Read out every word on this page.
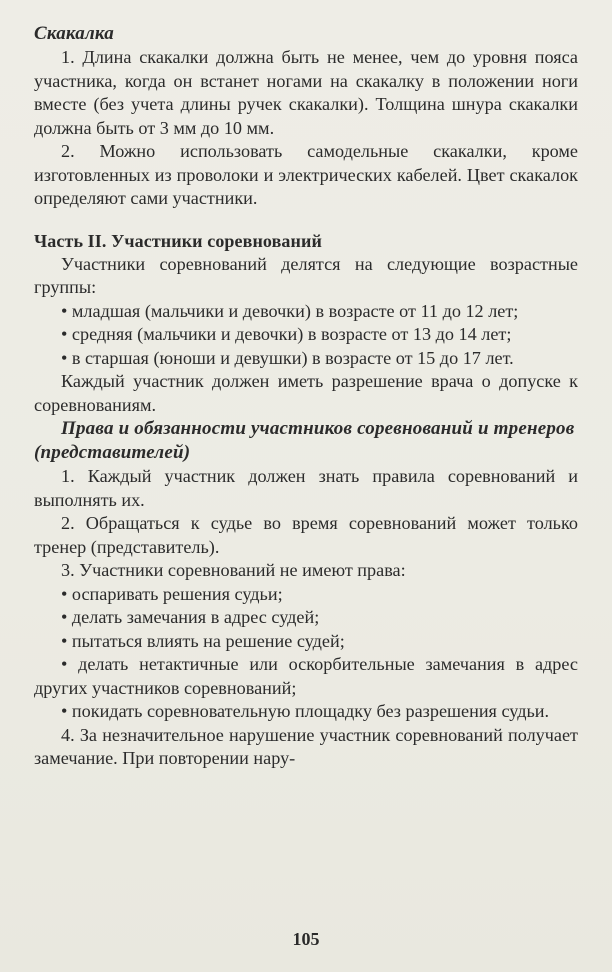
Скакалка

1. Длина скакалки должна быть не менее, чем до уровня пояса участника, когда он встанет ногами на скакалку в положении ноги вместе (без учета длины ручек скакалки). Толщина шнура скакалки должна быть от 3 мм до 10 мм.

2. Можно использовать самодельные скакалки, кроме изготовленных из проволоки и электрических кабелей. Цвет скакалок определяют сами участники.

Часть II. Участники соревнований

Участники соревнований делятся на следующие возрастные группы:

• младшая (мальчики и девочки) в возрасте от 11 до 12 лет;

• средняя (мальчики и девочки) в возрасте от 13 до 14 лет;

• в старшая (юноши и девушки) в возрасте от 15 до 17 лет.

Каждый участник должен иметь разрешение врача о допуске к соревнованиям.

Права и обязанности участников соревнований и тренеров (представителей)

1. Каждый участник должен знать правила соревнований и выполнять их.

2. Обращаться к судье во время соревнований может только тренер (представитель).

3. Участники соревнований не имеют права:

• оспаривать решения судьи;

• делать замечания в адрес судей;

• пытаться влиять на решение судей;

• делать нетактичные или оскорбительные замечания в адрес других участников соревнований;

• покидать соревновательную площадку без разрешения судьи.

4. За незначительное нарушение участник соревнований получает замечание. При повторении нару-

105
